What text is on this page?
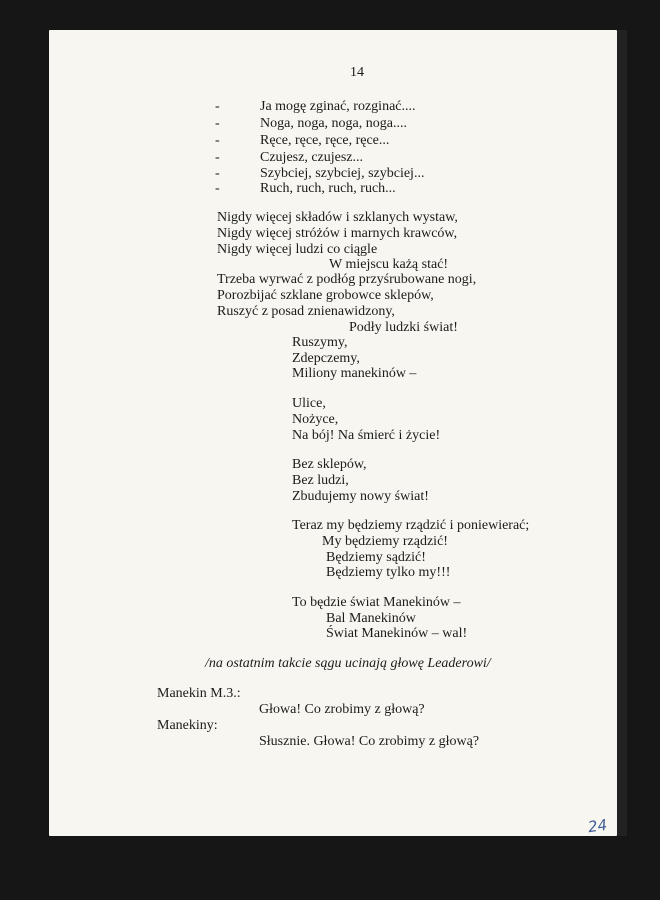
14
-	Ja mogę zginać, rozginać....
-	Noga, noga, noga, noga....
-	Ręce, ręce, ręce, ręce...
-	Czujesz, czujesz...
-	Szybciej, szybciej, szybciej...
-	Ruch, ruch, ruch, ruch...
Nigdy więcej składów i szklanych wystaw,
Nigdy więcej stróżów i marnych krawców,
Nigdy więcej ludzi co ciągle
W miejscu każą stać!
Trzeba wyrwać z podłóg przyśrubowane nogi,
Porozbijać szklane grobowce sklepów,
Ruszyć z posad znienawidzony,
Podły ludzki świat!
Ruszymy,
Zdepczemy,
Miliony manekinów –
Ulice,
Nożyce,
Na bój! Na śmierć i życie!
Bez sklepów,
Bez ludzi,
Zbudujemy nowy świat!
Teraz my będziemy rządzić i poniewierać;
My będziemy rządzić!
Będziemy sądzić!
Będziemy tylko my!!!
To będzie świat Manekinów –
Bal Manekinów
Świat Manekinów – wal!
/na ostatnim takcie sągu ucinają głowę Leaderowi/
Manekin M.3.:
Głowa! Co zrobimy z głową?
Manekiny:
Słusznie. Głowa! Co zrobimy z głową?
24
